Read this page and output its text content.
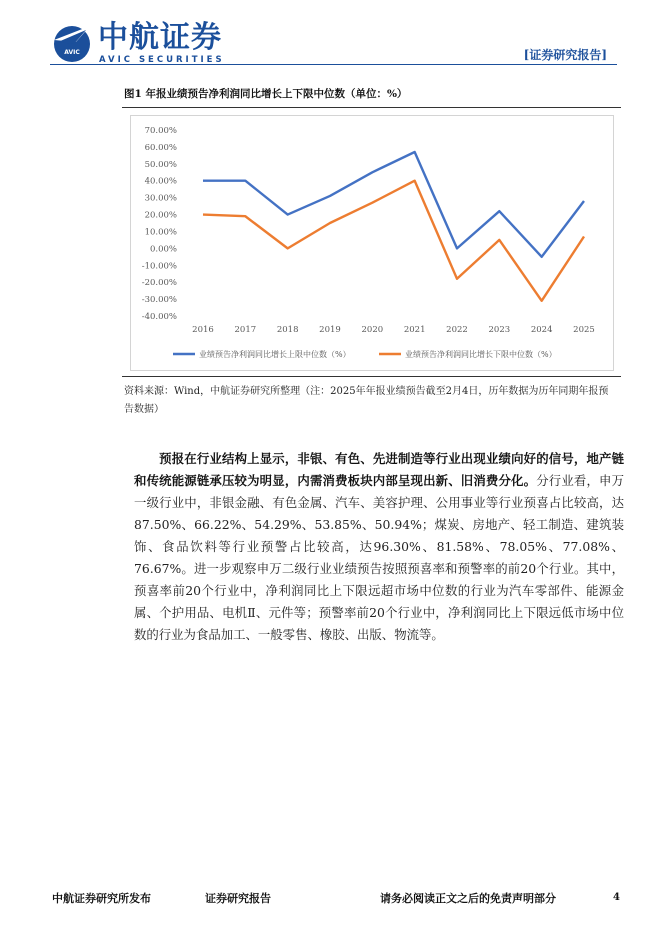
AVIC 中航证券
AVIC SECURITIES	[证券研究报告]
图1 年报业绩预告净利润同比增长上下限中位数（单位：%）
70.00%
60.00%
50.00%
40.00%
30.00%
20.00%
10.00%
0.00%
-10.00%
-20.00%
-30.00%
-40.00%
2016 2017 2018 2019 2020 2021 2022 2023 2024 2025
业绩预告净利润同比增长上限中位数（%）	业绩预告净利润同比增长下限中位数（%）
资料来源：Wind，中航证券研究所整理（注：2025年年报业绩预告截至2月4日，历年数据为历年同期年报预告数据）
预报在行业结构上显示，非银、有色、先进制造等行业出现业绩向好的信号，地产链和传统能源链承压较为明显，内需消费板块内部呈现出新、旧消费分化。分行业看，申万一级行业中，非银金融、有色金属、汽车、美容护理、公用事业等行业预喜占比较高，达87.50%、66.22%、54.29%、53.85%、50.94%；煤炭、房地产、轻工制造、建筑装饰、食品饮料等行业预警占比较高，达96.30%、81.58%、78.05%、77.08%、76.67%。进一步观察申万二级行业业绩预告按照预喜率和预警率的前20个行业。其中，预喜率前20个行业中，净利润同比上下限远超市场中位数的行业为汽车零部件、能源金属、个护用品、电机Ⅱ、元件等；预警率前20个行业中，净利润同比上下限远低市场中位数的行业为食品加工、一般零售、橡胶、出版、物流等。
中航证券研究所发布	证券研究报告	请务必阅读正文之后的免责声明部分	4
